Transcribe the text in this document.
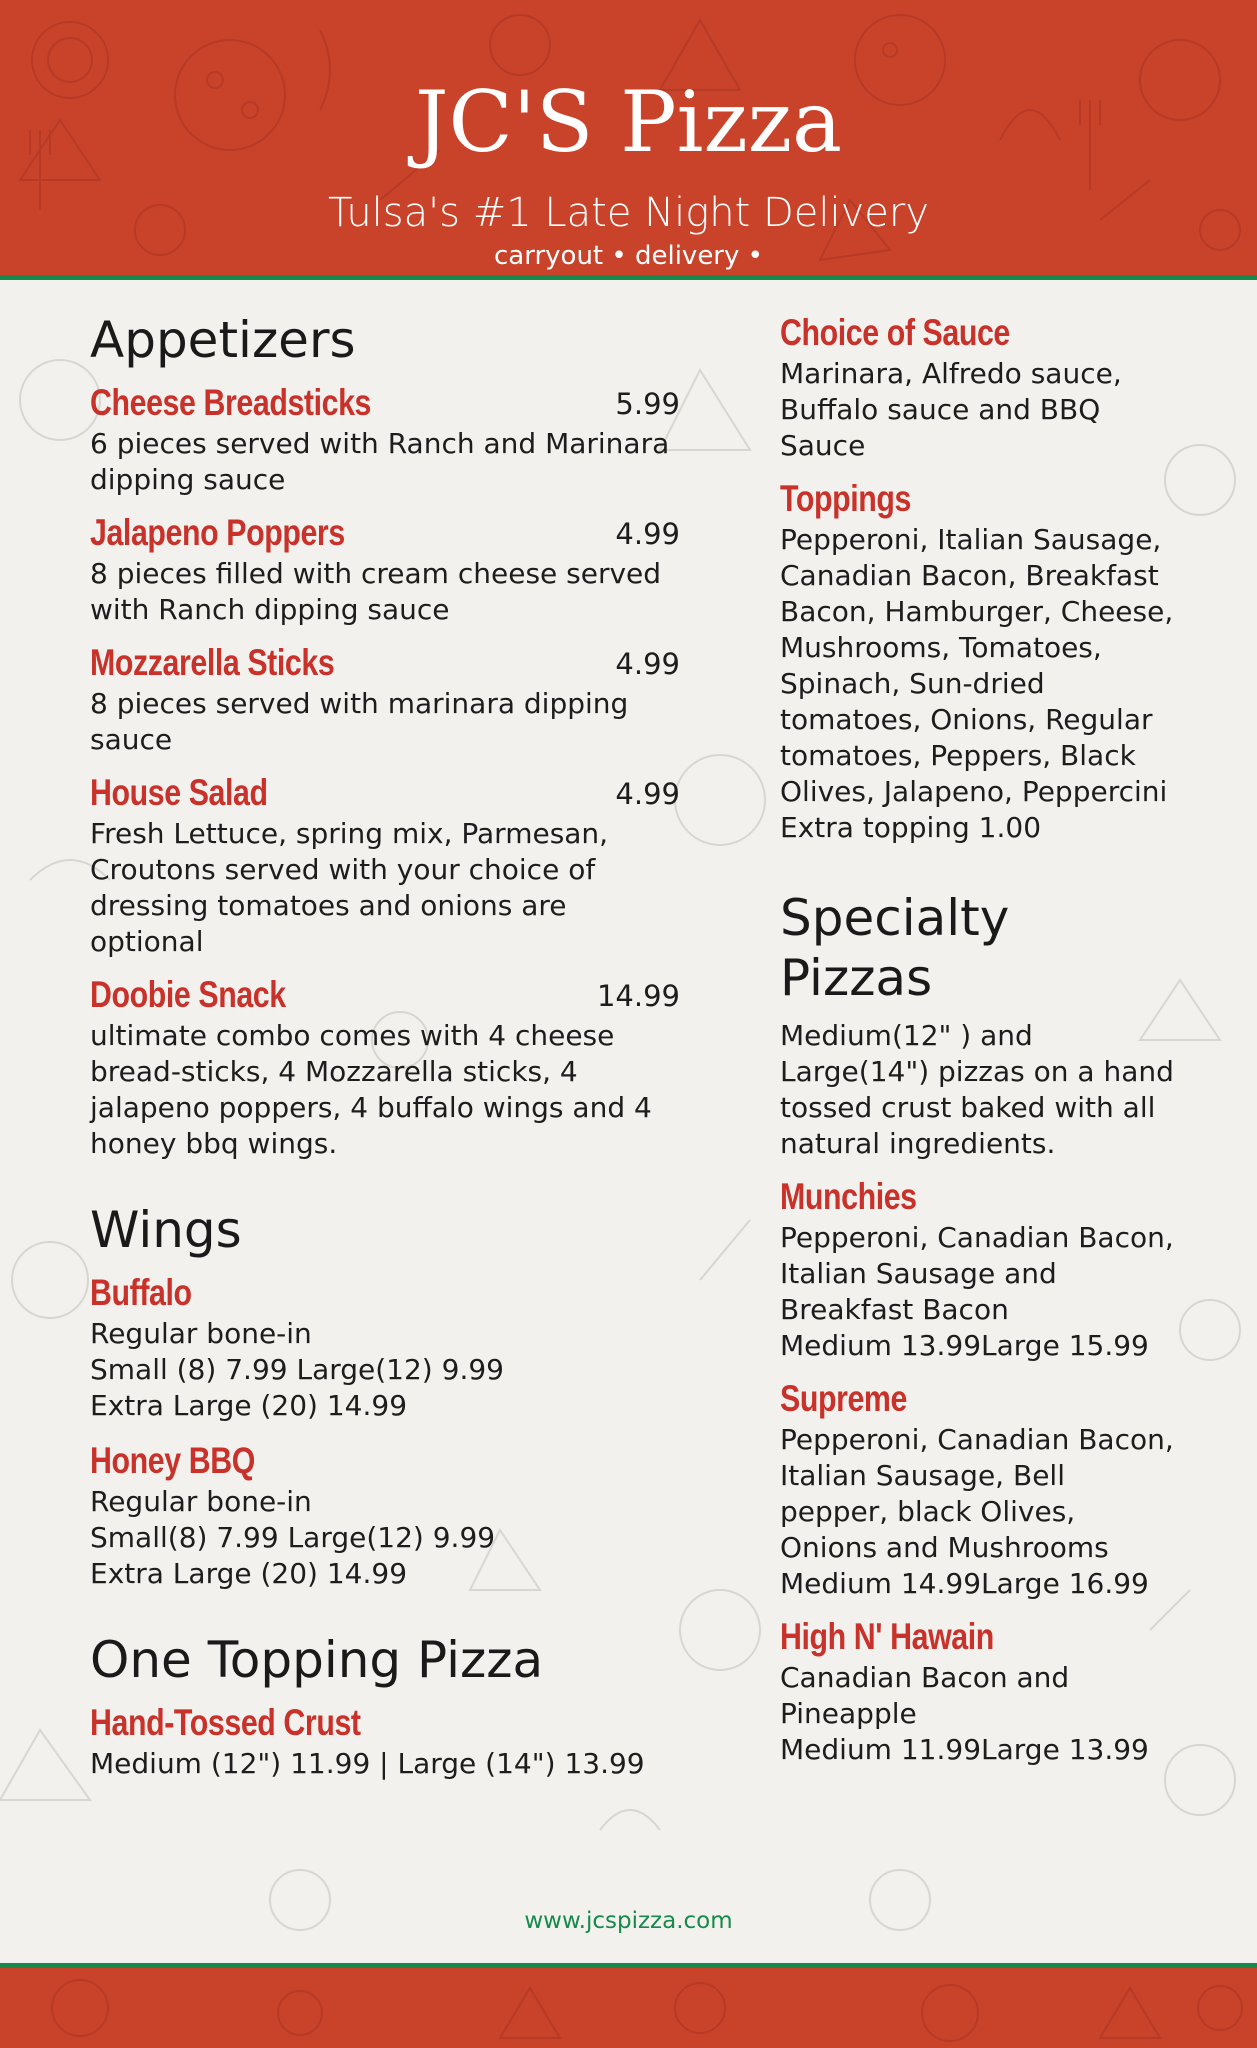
JC'S Pizza
Tulsa's #1 Late Night Delivery
carryout • delivery •
Appetizers
Cheese Breadsticks	5.99
6 pieces served with Ranch and Marinara dipping sauce
Jalapeno Poppers	4.99
8 pieces filled with cream cheese served with Ranch dipping sauce
Mozzarella Sticks	4.99
8 pieces served with marinara dipping sauce
House Salad	4.99
Fresh Lettuce, spring mix, Parmesan, Croutons served with your choice of dressing tomatoes and onions are optional
Doobie Snack	14.99
ultimate combo comes with 4 cheese bread-sticks, 4 Mozzarella sticks, 4 jalapeno poppers, 4 buffalo wings and 4 honey bbq wings.
Wings
Buffalo
Regular bone-in
Small (8) 7.99 Large(12) 9.99
Extra Large (20) 14.99
Honey BBQ
Regular bone-in
Small(8) 7.99 Large(12) 9.99
Extra Large (20) 14.99
One Topping Pizza
Hand-Tossed Crust
Medium (12") 11.99 | Large (14") 13.99
Choice of Sauce
Marinara, Alfredo sauce, Buffalo sauce and BBQ Sauce
Toppings
Pepperoni, Italian Sausage, Canadian Bacon, Breakfast Bacon, Hamburger, Cheese, Mushrooms, Tomatoes, Spinach, Sun-dried tomatoes, Onions, Regular tomatoes, Peppers, Black Olives, Jalapeno, Peppercini
Extra topping 1.00
Specialty
Pizzas
Medium(12" ) and Large(14") pizzas on a hand tossed crust baked with all natural ingredients.
Munchies
Pepperoni, Canadian Bacon, Italian Sausage and Breakfast Bacon
Medium 13.99Large 15.99
Supreme
Pepperoni, Canadian Bacon, Italian Sausage, Bell pepper, black Olives, Onions and Mushrooms
Medium 14.99Large 16.99
High N' Hawain
Canadian Bacon and Pineapple
Medium 11.99Large 13.99
www.jcspizza.com
